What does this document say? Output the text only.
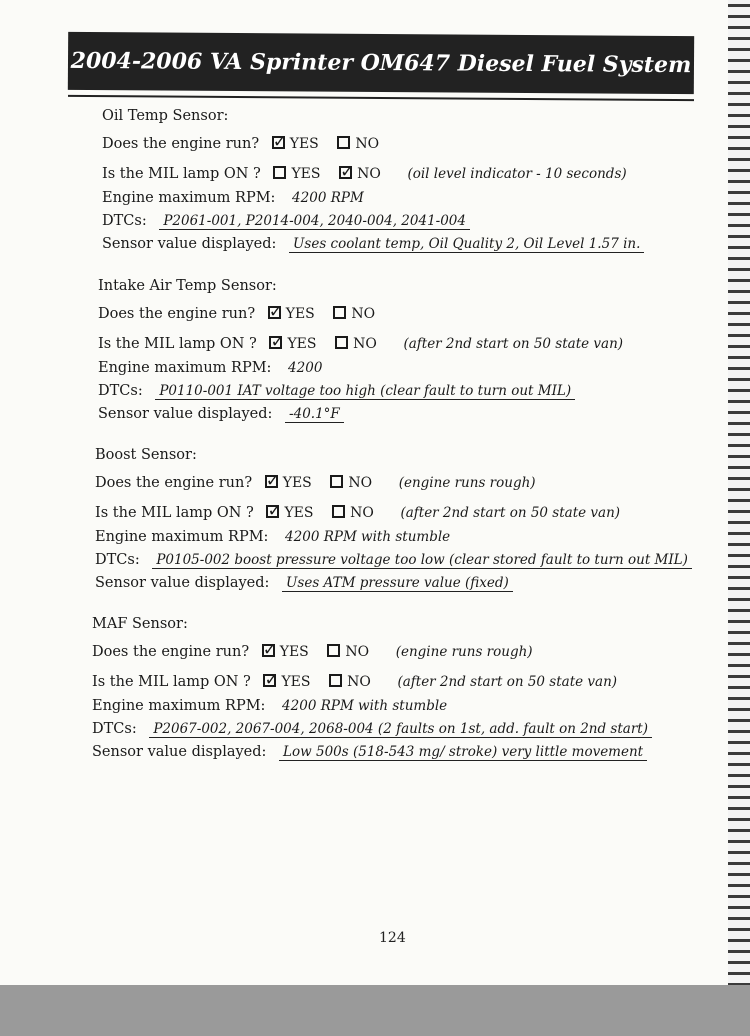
2004-2006 VA Sprinter OM647 Diesel Fuel System
Oil Temp Sensor:
Does the engine run? ✓ YES	NO
Is the MIL lamp ON ? YES ✓	NO (oil level indicator - 10 seconds)
Engine maximum RPM: 4200 RPM
DTCs: P2061-001, P2014-004, 2040-004, 2041-004
Sensor value displayed: Uses coolant temp, Oil Quality 2, Oil Level 1.57 in.
Intake Air Temp Sensor:
Does the engine run? ✓ YES	NO
Is the MIL lamp ON ? ✓ YES	NO (after 2nd start on 50 state van)
Engine maximum RPM: 4200
DTCs: P0110-001 IAT voltage too high (clear fault to turn out MIL)
Sensor value displayed: -40.1°F
Boost Sensor:
Does the engine run? ✓ YES	NO (engine runs rough)
Is the MIL lamp ON ? ✓ YES	NO (after 2nd start on 50 state van)
Engine maximum RPM: 4200 RPM with stumble
DTCs: P0105-002 boost pressure voltage too low (clear stored fault to turn out MIL)
Sensor value displayed: Uses ATM pressure value (fixed)
MAF Sensor:
Does the engine run? ✓ YES	NO (engine runs rough)
Is the MIL lamp ON ? ✓ YES	NO (after 2nd start on 50 state van)
Engine maximum RPM: 4200 RPM with stumble
DTCs: P2067-002, 2067-004, 2068-004 (2 faults on 1st, add. fault on 2nd start)
Sensor value displayed: Low 500s (518-543 mg/ stroke) very little movement
124
